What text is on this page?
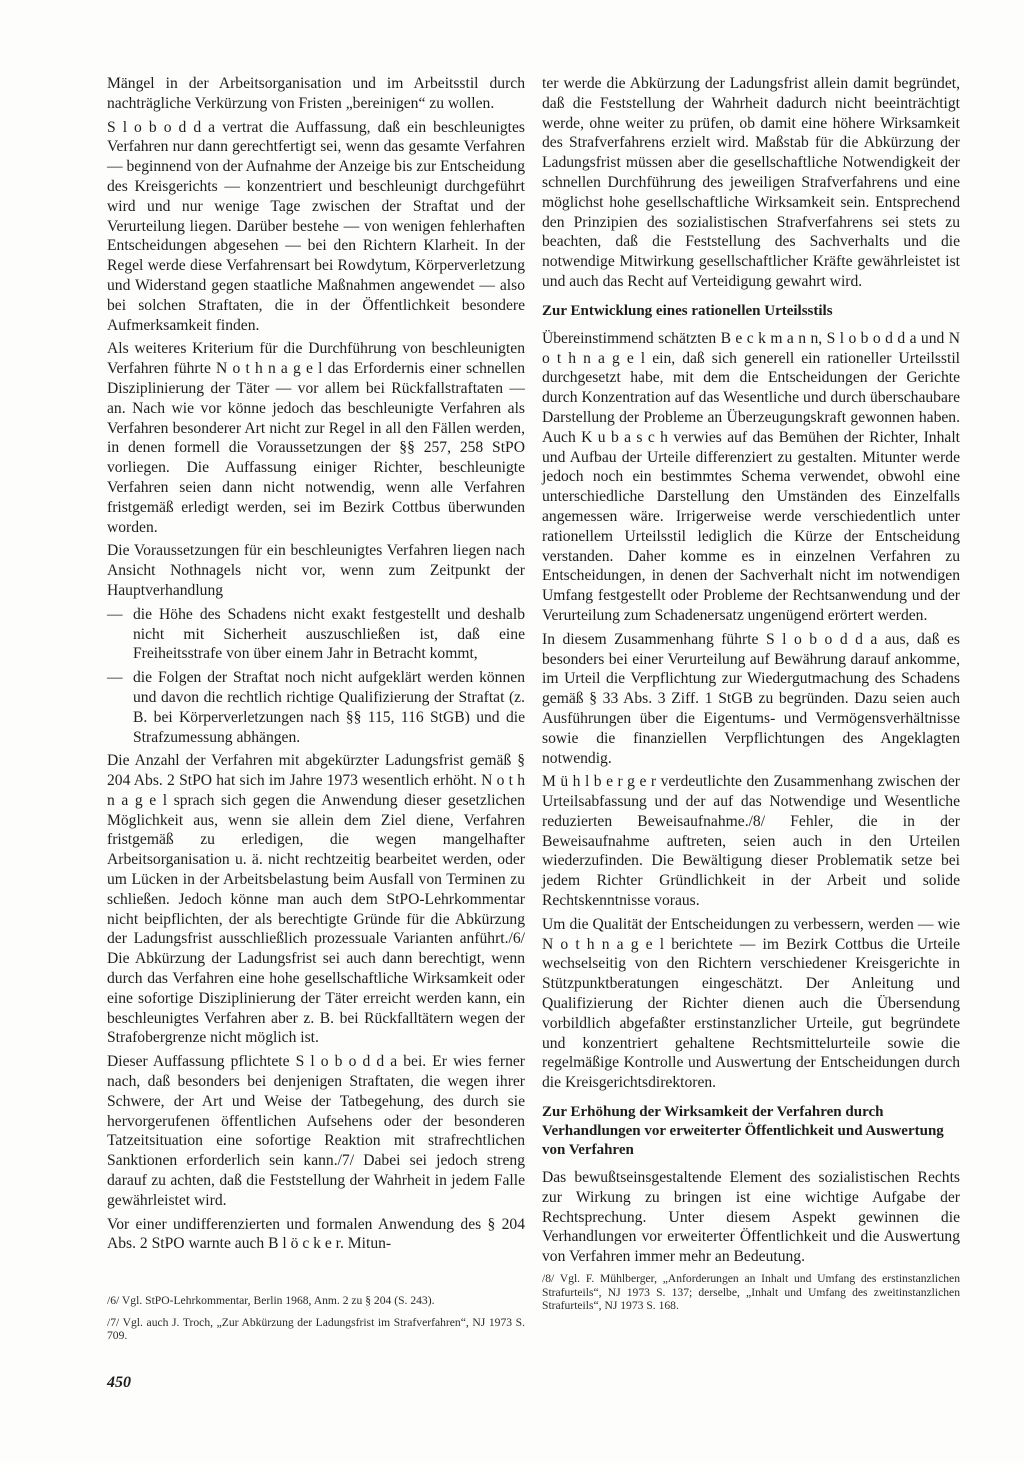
Mängel in der Arbeitsorganisation und im Arbeitsstil durch nachträgliche Verkürzung von Fristen „bereinigen“ zu wollen.

S l o b o d d a vertrat die Auffassung, daß ein beschleunigtes Verfahren nur dann gerechtfertigt sei, wenn das gesamte Verfahren — beginnend von der Aufnahme der Anzeige bis zur Entscheidung des Kreisgerichts — konzentriert und beschleunigt durchgeführt wird und nur wenige Tage zwischen der Straftat und der Verurteilung liegen. Darüber bestehe — von wenigen fehlerhaften Entscheidungen abgesehen — bei den Richtern Klarheit. In der Regel werde diese Verfahrensart bei Rowdytum, Körperverletzung und Widerstand gegen staatliche Maßnahmen angewendet — also bei solchen Straftaten, die in der Öffentlichkeit besondere Aufmerksamkeit finden.

Als weiteres Kriterium für die Durchführung von beschleunigten Verfahren führte N o t h n a g e l das Erfordernis einer schnellen Disziplinierung der Täter — vor allem bei Rückfallstraftaten — an. Nach wie vor könne jedoch das beschleunigte Verfahren als Verfahren besonderer Art nicht zur Regel in all den Fällen werden, in denen formell die Voraussetzungen der §§ 257, 258 StPO vorliegen. Die Auffassung einiger Richter, beschleunigte Verfahren seien dann nicht notwendig, wenn alle Verfahren fristgemäß erledigt werden, sei im Bezirk Cottbus überwunden worden.

Die Voraussetzungen für ein beschleunigtes Verfahren liegen nach Ansicht Nothnagels nicht vor, wenn zum Zeitpunkt der Hauptverhandlung

— die Höhe des Schadens nicht exakt festgestellt und deshalb nicht mit Sicherheit auszuschließen ist, daß eine Freiheitsstrafe von über einem Jahr in Betracht kommt,
— die Folgen der Straftat noch nicht aufgeklärt werden können und davon die rechtlich richtige Qualifizierung der Straftat (z. B. bei Körperverletzungen nach §§ 115, 116 StGB) und die Strafzumessung abhängen.

Die Anzahl der Verfahren mit abgekürzter Ladungsfrist gemäß § 204 Abs. 2 StPO hat sich im Jahre 1973 wesentlich erhöht. N o t h n a g e l sprach sich gegen die Anwendung dieser gesetzlichen Möglichkeit aus, wenn sie allein dem Ziel diene, Verfahren fristgemäß zu erledigen, die wegen mangelhafter Arbeitsorganisation u. ä. nicht rechtzeitig bearbeitet werden, oder um Lücken in der Arbeitsbelastung beim Ausfall von Terminen zu schließen. Jedoch könne man auch dem StPO-Lehrkommentar nicht beipflichten, der als berechtigte Gründe für die Abkürzung der Ladungsfrist ausschließlich prozessuale Varianten anführt./6/ Die Abkürzung der Ladungsfrist sei auch dann berechtigt, wenn durch das Verfahren eine hohe gesellschaftliche Wirksamkeit oder eine sofortige Disziplinierung der Täter erreicht werden kann, ein beschleunigtes Verfahren aber z. B. bei Rückfalltätern wegen der Strafobergrenze nicht möglich ist.

Dieser Auffassung pflichtete S l o b o d d a bei. Er wies ferner nach, daß besonders bei denjenigen Straftaten, die wegen ihrer Schwere, der Art und Weise der Tatbegehung, des durch sie hervorgerufenen öffentlichen Aufsehens oder der besonderen Tatzeitsituation eine sofortige Reaktion mit strafrechtlichen Sanktionen erforderlich sein kann./7/ Dabei sei jedoch streng darauf zu achten, daß die Feststellung der Wahrheit in jedem Falle gewährleistet wird.

Vor einer undifferenzierten und formalen Anwendung des § 204 Abs. 2 StPO warnte auch B l ö c k e r. Mitun-

ter werde die Abkürzung der Ladungsfrist allein damit begründet, daß die Feststellung der Wahrheit dadurch nicht beeinträchtigt werde, ohne weiter zu prüfen, ob damit eine höhere Wirksamkeit des Strafverfahrens erzielt wird. Maßstab für die Abkürzung der Ladungsfrist müssen aber die gesellschaftliche Notwendigkeit der schnellen Durchführung des jeweiligen Strafverfahrens und eine möglichst hohe gesellschaftliche Wirksamkeit sein. Entsprechend den Prinzipien des sozialistischen Strafverfahrens sei stets zu beachten, daß die Feststellung des Sachverhalts und die notwendige Mitwirkung gesellschaftlicher Kräfte gewährleistet ist und auch das Recht auf Verteidigung gewahrt wird.

Zur Entwicklung eines rationellen Urteilsstils

Übereinstimmend schätzten B e c k m a n n, S l o b o d d a und N o t h n a g e l ein, daß sich generell ein rationeller Urteilsstil durchgesetzt habe, mit dem die Entscheidungen der Gerichte durch Konzentration auf das Wesentliche und durch überschaubare Darstellung der Probleme an Überzeugungskraft gewonnen haben. Auch K u b a s c h verwies auf das Bemühen der Richter, Inhalt und Aufbau der Urteile differenziert zu gestalten. Mitunter werde jedoch noch ein bestimmtes Schema verwendet, obwohl eine unterschiedliche Darstellung den Umständen des Einzelfalls angemessen wäre. Irrigerweise werde verschiedentlich unter rationellem Urteilsstil lediglich die Kürze der Entscheidung verstanden. Daher komme es in einzelnen Verfahren zu Entscheidungen, in denen der Sachverhalt nicht im notwendigen Umfang festgestellt oder Probleme der Rechtsanwendung und der Verurteilung zum Schadenersatz ungenügend erörtert werden.

In diesem Zusammenhang führte S l o b o d d a aus, daß es besonders bei einer Verurteilung auf Bewährung darauf ankomme, im Urteil die Verpflichtung zur Wiedergutmachung des Schadens gemäß § 33 Abs. 3 Ziff. 1 StGB zu begründen. Dazu seien auch Ausführungen über die Eigentums- und Vermögensverhältnisse sowie die finanziellen Verpflichtungen des Angeklagten notwendig.

M ü h l b e r g e r verdeutlichte den Zusammenhang zwischen der Urteilsabfassung und der auf das Notwendige und Wesentliche reduzierten Beweisaufnahme./8/ Fehler, die in der Beweisaufnahme auftreten, seien auch in den Urteilen wiederzufinden. Die Bewältigung dieser Problematik setze bei jedem Richter Gründlichkeit in der Arbeit und solide Rechtskenntnisse voraus.

Um die Qualität der Entscheidungen zu verbessern, werden — wie N o t h n a g e l berichtete — im Bezirk Cottbus die Urteile wechselseitig von den Richtern verschiedener Kreisgerichte in Stützpunktberatungen eingeschätzt. Der Anleitung und Qualifizierung der Richter dienen auch die Übersendung vorbildlich abgefaßter erstinstanzlicher Urteile, gut begründete und konzentriert gehaltene Rechtsmittelurteile sowie die regelmäßige Kontrolle und Auswertung der Entscheidungen durch die Kreisgerichtsdirektoren.

Zur Erhöhung der Wirksamkeit der Verfahren durch Verhandlungen vor erweiterter Öffentlichkeit und Auswertung von Verfahren

Das bewußtseinsgestaltende Element des sozialistischen Rechts zur Wirkung zu bringen ist eine wichtige Aufgabe der Rechtsprechung. Unter diesem Aspekt gewinnen die Verhandlungen vor erweiterter Öffentlichkeit und die Auswertung von Verfahren immer mehr an Bedeutung.

/6/ Vgl. StPO-Lehrkommentar, Berlin 1968, Anm. 2 zu § 204 (S. 243).

/7/ Vgl. auch J. Troch, „Zur Abkürzung der Ladungsfrist im Strafverfahren“, NJ 1973 S. 709.

/8/ Vgl. F. Mühlberger, „Anforderungen an Inhalt und Umfang des erstinstanzlichen Strafurteils“, NJ 1973 S. 137; derselbe, „Inhalt und Umfang des zweitinstanzlichen Strafurteils“, NJ 1973 S. 168.

450
